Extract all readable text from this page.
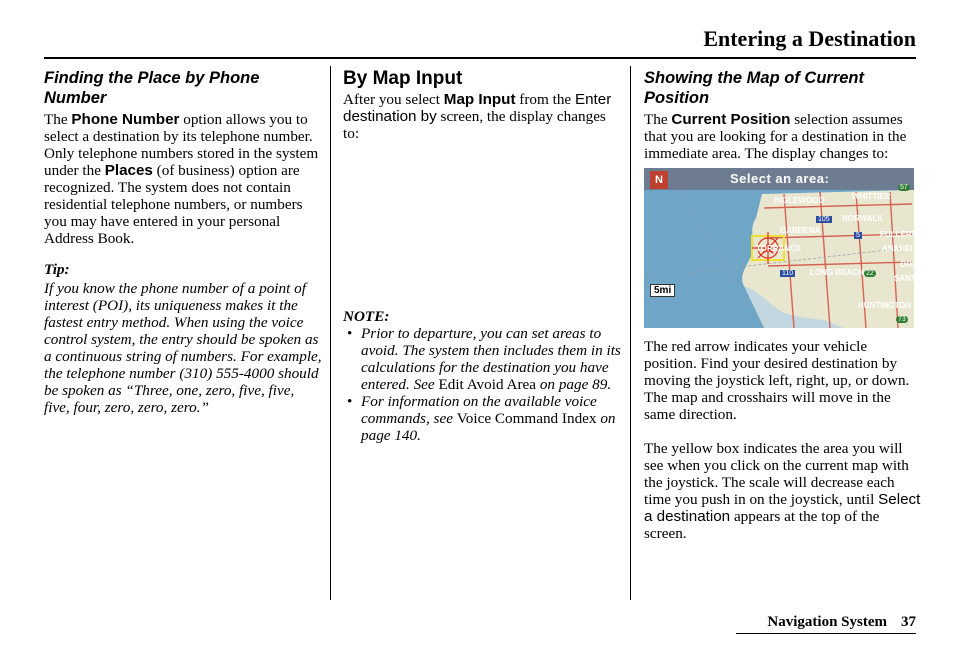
Entering a Destination
Finding the Place by Phone Number

The Phone Number option allows you to select a destination by its telephone number. Only telephone numbers stored in the system under the Places (of business) option are recognized. The system does not contain residential telephone numbers, or numbers you may have entered in your personal Address Book.

Tip:

If you know the phone number of a point of interest (POI), its uniqueness makes it the fastest entry method. When using the voice control system, the entry should be spoken as a continuous string of numbers. For example, the telephone number (310) 555-4000 should be spoken as “Three, one, zero, five, five, five, four, zero, zero, zero.”

By Map Input

After you select Map Input from the Enter destination by screen, the display changes to:

NOTE:

• Prior to departure, you can set areas to avoid. The system then includes them in its calculations for the destination you have entered. See Edit Avoid Area on page 89.
• For information on the available voice commands, see Voice Command Index on page 140.
Showing the Map of Current Position

The Current Position selection assumes that you are looking for a destination in the immediate area. The display changes to:

Select an area:
N
5mi
INGLEWOOD	WHITTIER
GARDENA
NORWALK
TORRANCE
FULLERT
ANAHEI
LONG BEACH
SANT
HUNTINGTON
ORA
57
105
5
110	22
73

The red arrow indicates your vehicle position. Find your desired destination by moving the joystick left, right, up, or down. The map and crosshairs will move in the same direction.

The yellow box indicates the area you will see when you click on the current map with the joystick. The scale will decrease each time you push in on the joystick, until Select a destination appears at the top of the screen.

Navigation System 37
